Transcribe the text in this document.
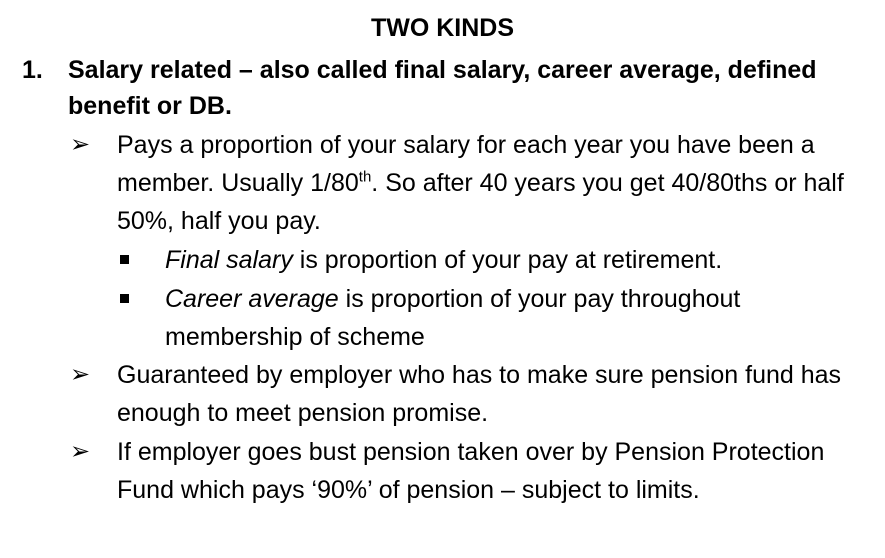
TWO KINDS
1. Salary related – also called final salary, career average, defined benefit or DB.
➢ Pays a proportion of your salary for each year you have been a member. Usually 1/80th. So after 40 years you get 40/80ths or half 50%, half you pay.
Final salary is proportion of your pay at retirement.
Career average is proportion of your pay throughout membership of scheme
➢ Guaranteed by employer who has to make sure pension fund has enough to meet pension promise.
➢ If employer goes bust pension taken over by Pension Protection Fund which pays ‘90%’ of pension – subject to limits.
